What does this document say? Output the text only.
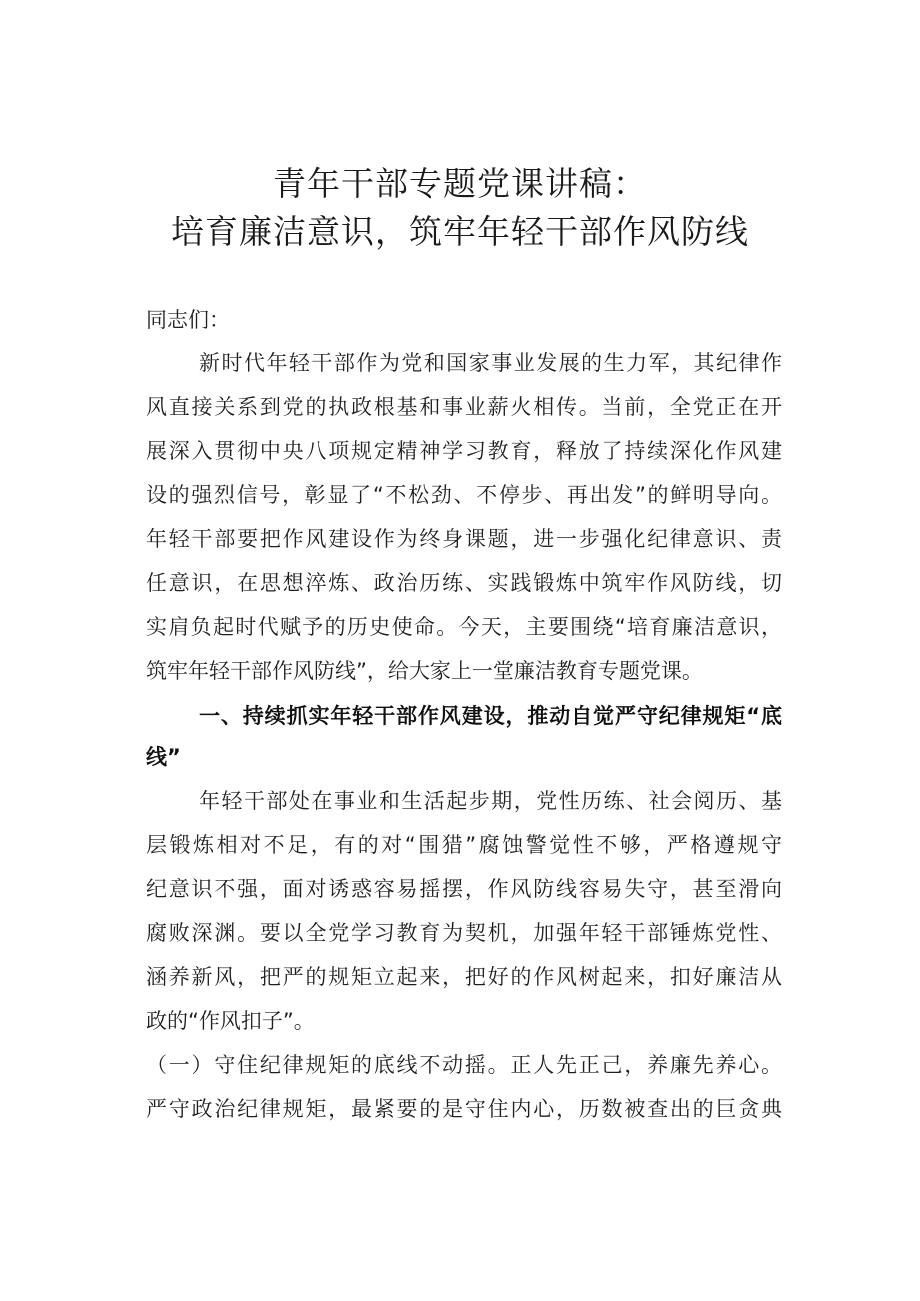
青年干部专题党课讲稿：
培育廉洁意识，筑牢年轻干部作风防线
同志们：
新时代年轻干部作为党和国家事业发展的生力军，其纪律作
风直接关系到党的执政根基和事业薪火相传。当前，全党正在开
展深入贯彻中央八项规定精神学习教育，释放了持续深化作风建
设的强烈信号，彰显了“不松劲、不停步、再出发”的鲜明导向。
年轻干部要把作风建设作为终身课题，进一步强化纪律意识、责
任意识，在思想淬炼、政治历练、实践锻炼中筑牢作风防线，切
实肩负起时代赋予的历史使命。今天，主要围绕“培育廉洁意识，
筑牢年轻干部作风防线”，给大家上一堂廉洁教育专题党课。
一、持续抓实年轻干部作风建设，推动自觉严守纪律规矩“底
线”
年轻干部处在事业和生活起步期，党性历练、社会阅历、基
层锻炼相对不足，有的对“围猎”腐蚀警觉性不够，严格遵规守
纪意识不强，面对诱惑容易摇摆，作风防线容易失守，甚至滑向
腐败深渊。要以全党学习教育为契机，加强年轻干部锤炼党性、
涵养新风，把严的规矩立起来，把好的作风树起来，扣好廉洁从
政的“作风扣子”。
（一）守住纪律规矩的底线不动摇。正人先正己，养廉先养心。
严守政治纪律规矩，最紧要的是守住内心，历数被查出的巨贪典
